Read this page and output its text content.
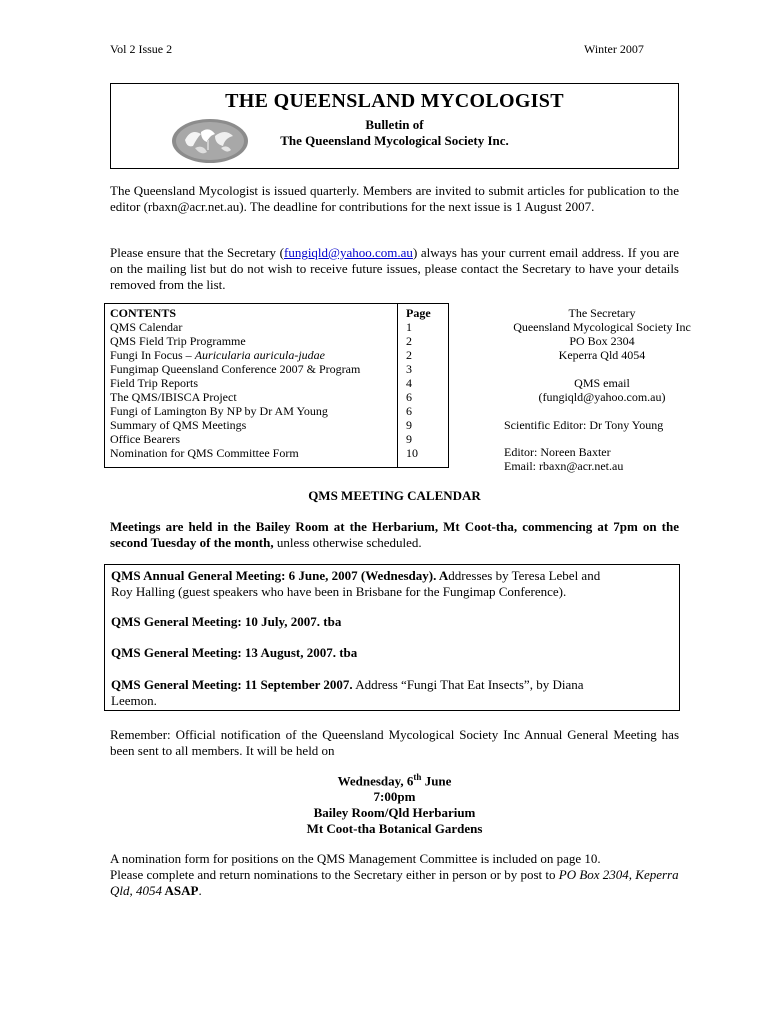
Vol 2 Issue 2	Winter 2007
THE QUEENSLAND MYCOLOGIST
Bulletin of
The Queensland Mycological Society Inc.
The Queensland Mycologist is issued quarterly. Members are invited to submit articles for publication to the editor (rbaxn@acr.net.au). The deadline for contributions for the next issue is 1 August 2007.
Please ensure that the Secretary (fungiqld@yahoo.com.au) always has your current email address. If you are on the mailing list but do not wish to receive future issues, please contact the Secretary to have your details removed from the list.
CONTENTS	Page
QMS Calendar	1
QMS Field Trip Programme	2
Fungi In Focus – Auricularia auricula-judae	2
Fungimap Queensland Conference 2007 & Program	3
Field Trip Reports	4
The QMS/IBISCA Project	6
Fungi of Lamington By NP by Dr AM Young	6
Summary of QMS Meetings	9
Office Bearers	9
Nomination for QMS Committee Form	10
The Secretary
Queensland Mycological Society Inc
PO Box 2304
Keperra Qld 4054
QMS email
(fungiqld@yahoo.com.au)
Scientific Editor: Dr Tony Young
Editor: Noreen Baxter
Email: rbaxn@acr.net.au
QMS MEETING CALENDAR
Meetings are held in the Bailey Room at the Herbarium, Mt Coot-tha, commencing at 7pm on the second Tuesday of the month, unless otherwise scheduled.
QMS Annual General Meeting: 6 June, 2007 (Wednesday). Addresses by Teresa Lebel and
Roy Halling (guest speakers who have been in Brisbane for the Fungimap Conference).
QMS General Meeting: 10 July, 2007. tba
QMS General Meeting: 13 August, 2007. tba
QMS General Meeting: 11 September 2007. Address “Fungi That Eat Insects”, by Diana
Leemon.
Remember: Official notification of the Queensland Mycological Society Inc Annual General Meeting has been sent to all members. It will be held on
Wednesday, 6th June
7:00pm
Bailey Room/Qld Herbarium
Mt Coot-tha Botanical Gardens
A nomination form for positions on the QMS Management Committee is included on page 10.
Please complete and return nominations to the Secretary either in person or by post to PO Box 2304, Keperra Qld, 4054 ASAP.
